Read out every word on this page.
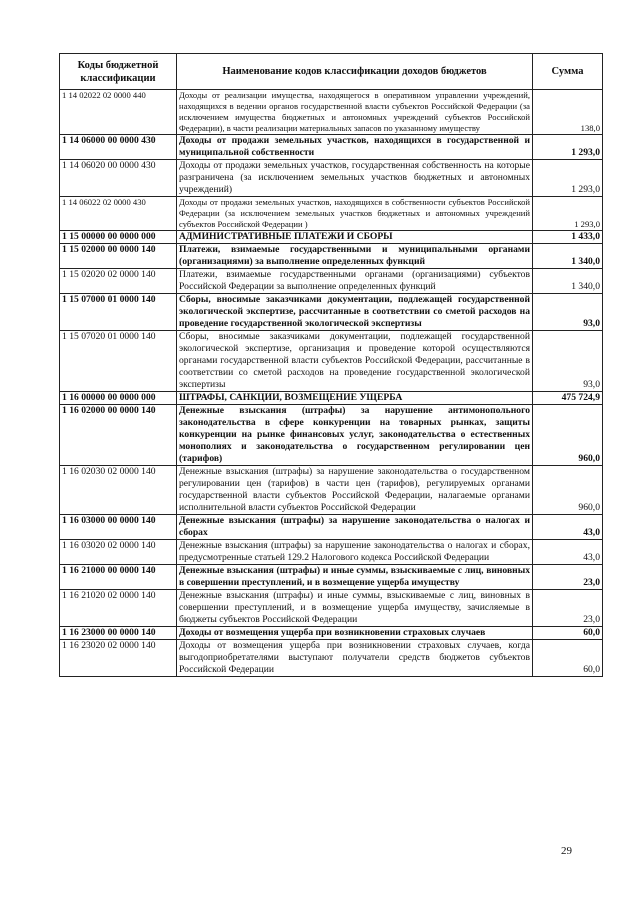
Коды бюджетной классификации	Наименование кодов классификации доходов бюджетов	Сумма
1 14 02022 02 0000 440	Доходы от реализации имущества, находящегося в оперативном управлении учреждений, находящихся в ведении органов государственной власти субъектов Российской Федерации (за исключением имущества бюджетных и автономных учреждений субъектов Российской Федерации), в части реализации материальных запасов по указанному имуществу	138,0
1 14 06000 00 0000 430	Доходы от продажи земельных участков, находящихся в государственной и муниципальной собственности	1 293,0
1 14 06020 00 0000 430	Доходы от продажи земельных участков, государственная собственность на которые разграничена (за исключением земельных участков бюджетных и автономных учреждений)	1 293,0
1 14 06022 02 0000 430	Доходы от продажи земельных участков, находящихся в собственности субъектов Российской Федерации (за исключением земельных участков бюджетных и автономных учреждений субъектов Российской Федерации )	1 293,0
1 15 00000 00 0000 000	АДМИНИСТРАТИВНЫЕ ПЛАТЕЖИ И СБОРЫ	1 433,0
1 15 02000 00 0000 140	Платежи, взимаемые государственными и муниципальными органами (организациями) за выполнение определенных функций	1 340,0
1 15 02020 02 0000 140	Платежи, взимаемые государственными органами (организациями) субъектов Российской Федерации за выполнение определенных функций	1 340,0
1 15 07000 01 0000 140	Сборы, вносимые заказчиками документации, подлежащей государственной экологической экспертизе, рассчитанные в соответствии со сметой расходов на проведение государственной экологической экспертизы	93,0
1 15 07020 01 0000 140	Сборы, вносимые заказчиками документации, подлежащей государственной экологической экспертизе, организация и проведение которой осуществляются органами государственной власти субъектов Российской Федерации, рассчитанные в соответствии со сметой расходов на проведение государственной экологической экспертизы	93,0
1 16 00000 00 0000 000	ШТРАФЫ, САНКЦИИ, ВОЗМЕЩЕНИЕ УЩЕРБА	475 724,9
1 16 02000 00 0000 140	Денежные взыскания (штрафы) за нарушение антимонопольного законодательства в сфере конкуренции на товарных рынках, защиты конкуренции на рынке финансовых услуг, законодательства о естественных монополиях и законодательства о государственном регулировании цен (тарифов)	960,0
1 16 02030 02 0000 140	Денежные взыскания (штрафы) за нарушение законодательства о государственном регулировании цен (тарифов) в части цен (тарифов), регулируемых органами государственной власти субъектов Российской Федерации, налагаемые органами исполнительной власти субъектов Российской Федерации	960,0
1 16 03000 00 0000 140	Денежные взыскания (штрафы) за нарушение законодательства о налогах и сборах	43,0
1 16 03020 02 0000 140	Денежные взыскания (штрафы) за нарушение законодательства о налогах и сборах, предусмотренные статьей 129.2 Налогового кодекса Российской Федерации	43,0
1 16 21000 00 0000 140	Денежные взыскания (штрафы) и иные суммы, взыскиваемые с лиц, виновных в совершении преступлений, и в возмещение ущерба имуществу	23,0
1 16 21020 02 0000 140	Денежные взыскания (штрафы) и иные суммы, взыскиваемые с лиц, виновных в совершении преступлений, и в возмещение ущерба имуществу, зачисляемые в бюджеты субъектов Российской Федерации	23,0
1 16 23000 00 0000 140	Доходы от возмещения ущерба при возникновении страховых случаев	60,0
1 16 23020 02 0000 140	Доходы от возмещения ущерба при возникновении страховых случаев, когда выгодоприобретателями выступают получатели средств бюджетов субъектов Российской Федерации	60,0
29
